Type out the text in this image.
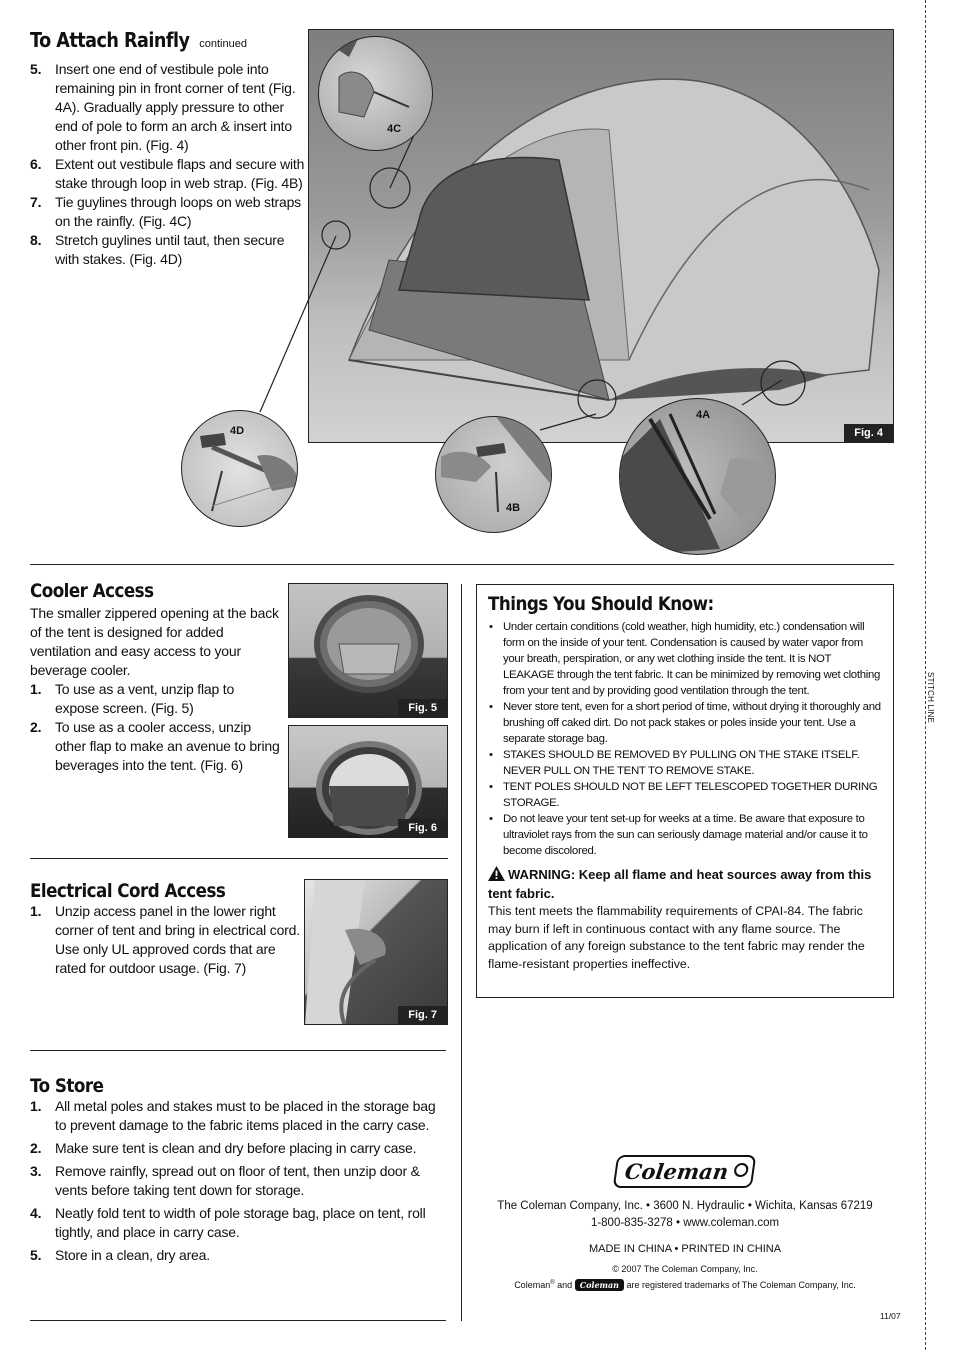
To Attach Rainfly continued
5. Insert one end of vestibule pole into remaining pin in front corner of tent (Fig. 4A). Gradually apply pressure to other end of pole to form an arch & insert into other front pin. (Fig. 4)
6. Extent out vestibule flaps and secure with stake through loop in web strap. (Fig. 4B)
7. Tie guylines through loops on web straps on the rainfly. (Fig. 4C)
8. Stretch guylines until taut, then secure with stakes. (Fig. 4D)
Fig. 4
4C
4D
4B
4A
Cooler Access

The smaller zippered opening at the back of the tent is designed for added ventilation and easy access to your beverage cooler.

1. To use as a vent, unzip flap to expose screen. (Fig. 5)
2. To use as a cooler access, unzip other flap to make an avenue to bring beverages into the tent. (Fig. 6)
Fig. 5
Fig. 6
Electrical Cord Access
1. Unzip access panel in the lower right corner of tent and bring in electrical cord. Use only UL approved cords that are rated for outdoor usage. (Fig. 7)
Fig. 7
To Store
1. All metal poles and stakes must to be placed in the storage bag to prevent damage to the fabric items placed in the carry case.
2. Make sure tent is clean and dry before placing in carry case.
3. Remove rainfly, spread out on floor of tent, then unzip door & vents before taking tent down for storage.
4. Neatly fold tent to width of pole storage bag, place on tent, roll tightly, and place in carry case.
5. Store in a clean, dry area.
Things You Should Know:
• Under certain conditions (cold weather, high humidity, etc.) condensation will form on the inside of your tent. Condensation is caused by water vapor from your breath, perspiration, or any wet clothing inside the tent. It is NOT LEAKAGE through the tent fabric. It can be minimized by removing wet clothing from your tent and by providing good ventilation through the tent.
• Never store tent, even for a short period of time, without drying it thoroughly and brushing off caked dirt. Do not pack stakes or poles inside your tent. Use a separate storage bag.
• STAKES SHOULD BE REMOVED BY PULLING ON THE STAKE ITSELF. NEVER PULL ON THE TENT TO REMOVE STAKE.
• TENT POLES SHOULD NOT BE LEFT TELESCOPED TOGETHER DURING STORAGE.
• Do not leave your tent set-up for weeks at a time. Be aware that exposure to ultraviolet rays from the sun can seriously damage material and/or cause it to become discolored.
WARNING: Keep all flame and heat sources away from this tent fabric.

This tent meets the flammability requirements of CPAI-84. The fabric may burn if left in continuous contact with any flame source. The application of any foreign substance to the tent fabric may render the flame-resistant properties ineffective.

Coleman

The Coleman Company, Inc. • 3600 N. Hydraulic • Wichita, Kansas 67219

1-800-835-3278 • www.coleman.com

MADE IN CHINA • PRINTED IN CHINA

© 2007 The Coleman Company, Inc.

Coleman® and Coleman are registered trademarks of The Coleman Company, Inc.

11/07
STITCH LINE
